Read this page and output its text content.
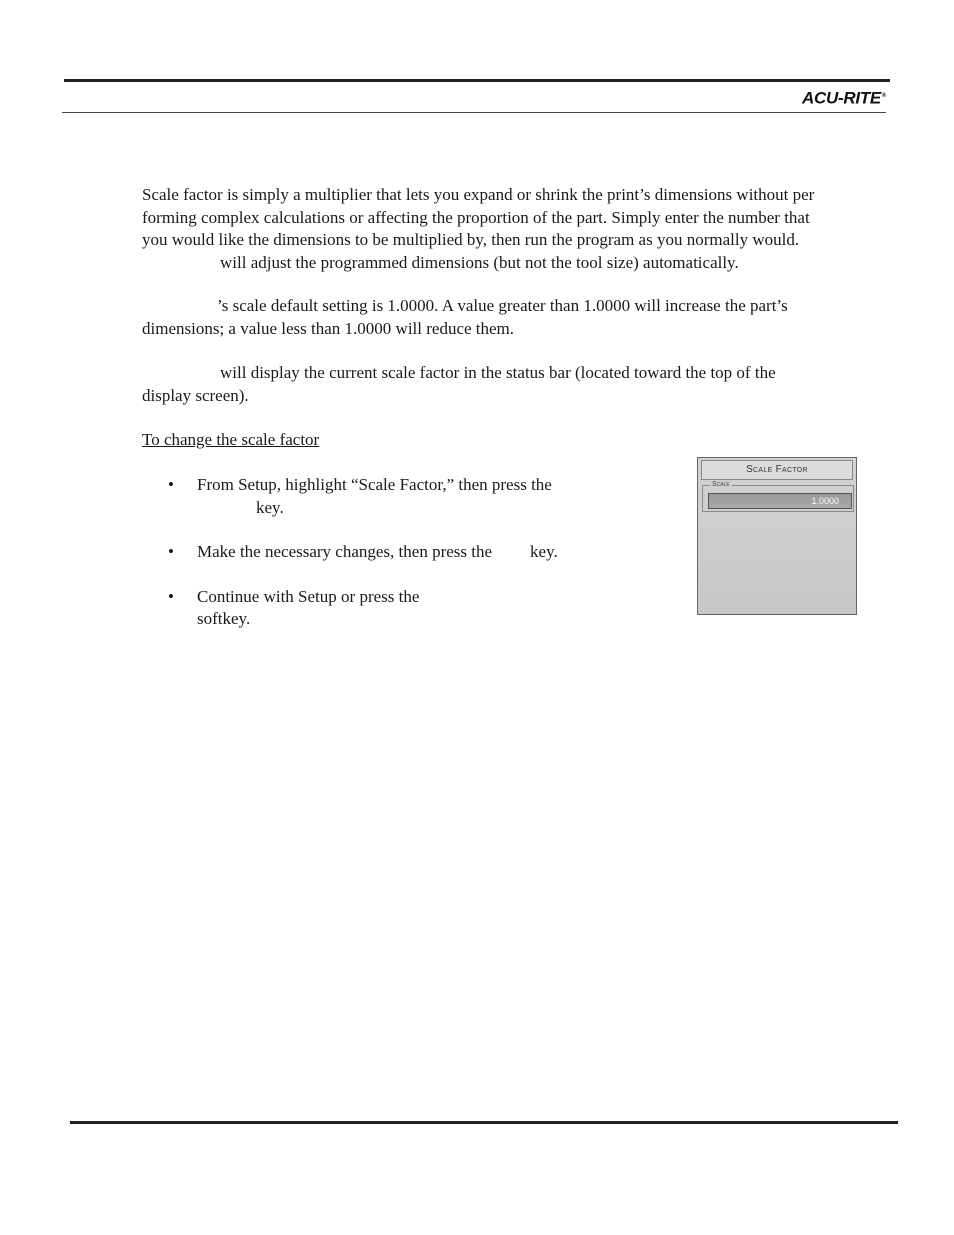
ACU-RITE®

Scale factor is simply a multiplier that lets you expand or shrink the print’s dimensions without per
forming complex calculations or affecting the proportion of the part. Simply enter the number that
you would like the dimensions to be multiplied by, then run the program as you normally would.
will adjust the programmed dimensions (but not the tool size) automatically.

’s scale default setting is 1.0000. A value greater than 1.0000 will increase the part’s
dimensions; a value less than 1.0000 will reduce them.

will display the current scale factor in the status bar (located toward the top of the
display screen).

To change the scale factor

• From Setup, highlight “Scale Factor,” then press the
key.
• Make the necessary changes, then press the key.
• Continue with Setup or press the
softkey.
Scale Factor
Scale
1.0000
